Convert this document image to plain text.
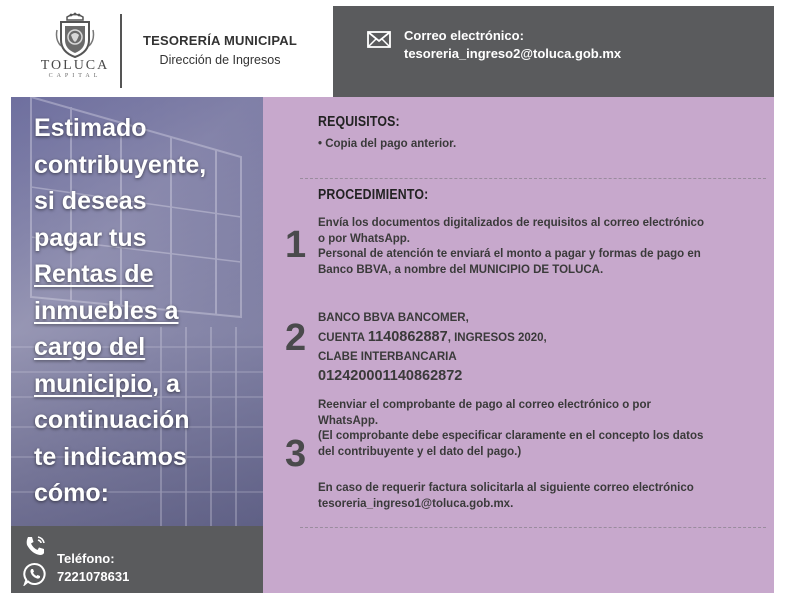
TOLUCA
CAPITAL
TESORERÍA MUNICIPAL
Dirección de Ingresos
Correo electrónico:
tesoreria_ingreso2@toluca.gob.mx
Estimado
contribuyente,
si deseas
pagar tus
Rentas de
inmuebles a
cargo del
municipio, a
continuación
te indicamos
cómo:
Teléfono:
7221078631
REQUISITOS:
• Copia del pago anterior.
PROCEDIMIENTO:
1
Envía los documentos digitalizados de requisitos al correo electrónico
o por WhatsApp.
Personal de atención te enviará el monto a pagar y formas de pago en
Banco BBVA, a nombre del MUNICIPIO DE TOLUCA.
2 BANCO BBVA BANCOMER,
CUENTA 1140862887, INGRESOS 2020,
CLABE INTERBANCARIA
012420001140862872
3
Reenviar el comprobante de pago al correo electrónico o por
WhatsApp.
(El comprobante debe especificar claramente en el concepto los datos
del contribuyente y el dato del pago.)
En caso de requerir factura solicitarla al siguiente correo electrónico
tesoreria_ingreso1@toluca.gob.mx.
